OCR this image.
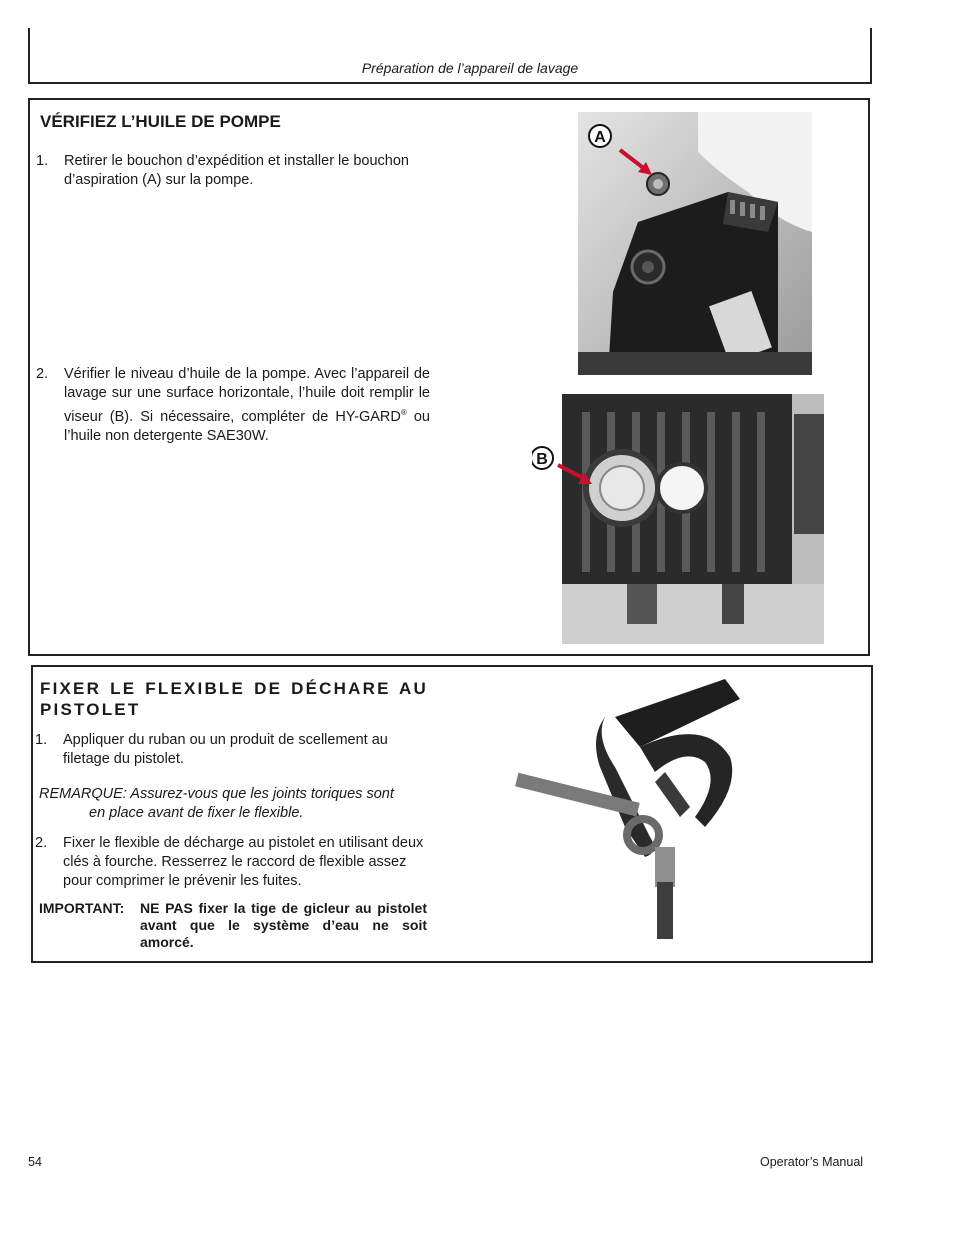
Préparation de l’appareil de lavage
VÉRIFIEZ L’HUILE DE POMPE
1. Retirer le bouchon d’expédition et installer le bouchon d’aspiration (A) sur la pompe.
2. Vérifier le niveau d’huile de la pompe. Avec l’appareil de lavage sur une surface horizontale, l’huile doit remplir le viseur (B). Si nécessaire, compléter de HY-GARD® ou l’huile non detergente SAE30W.
A
B
FIXER LE FLEXIBLE DE DÉCHARE AU PISTOLET
1. Appliquer du ruban ou un produit de scellement au filetage du pistolet.
REMARQUE: Assurez-vous que les joints toriques sont
en place avant de fixer le flexible.
2. Fixer le flexible de décharge au pistolet en utilisant deux clés à fourche. Resserrez le raccord de flexible assez pour comprimer le prévenir les fuites.
IMPORTANT: NE PAS fixer la tige de gicleur au pistolet avant que le système d’eau ne soit amorcé.
54	Operator’s Manual
